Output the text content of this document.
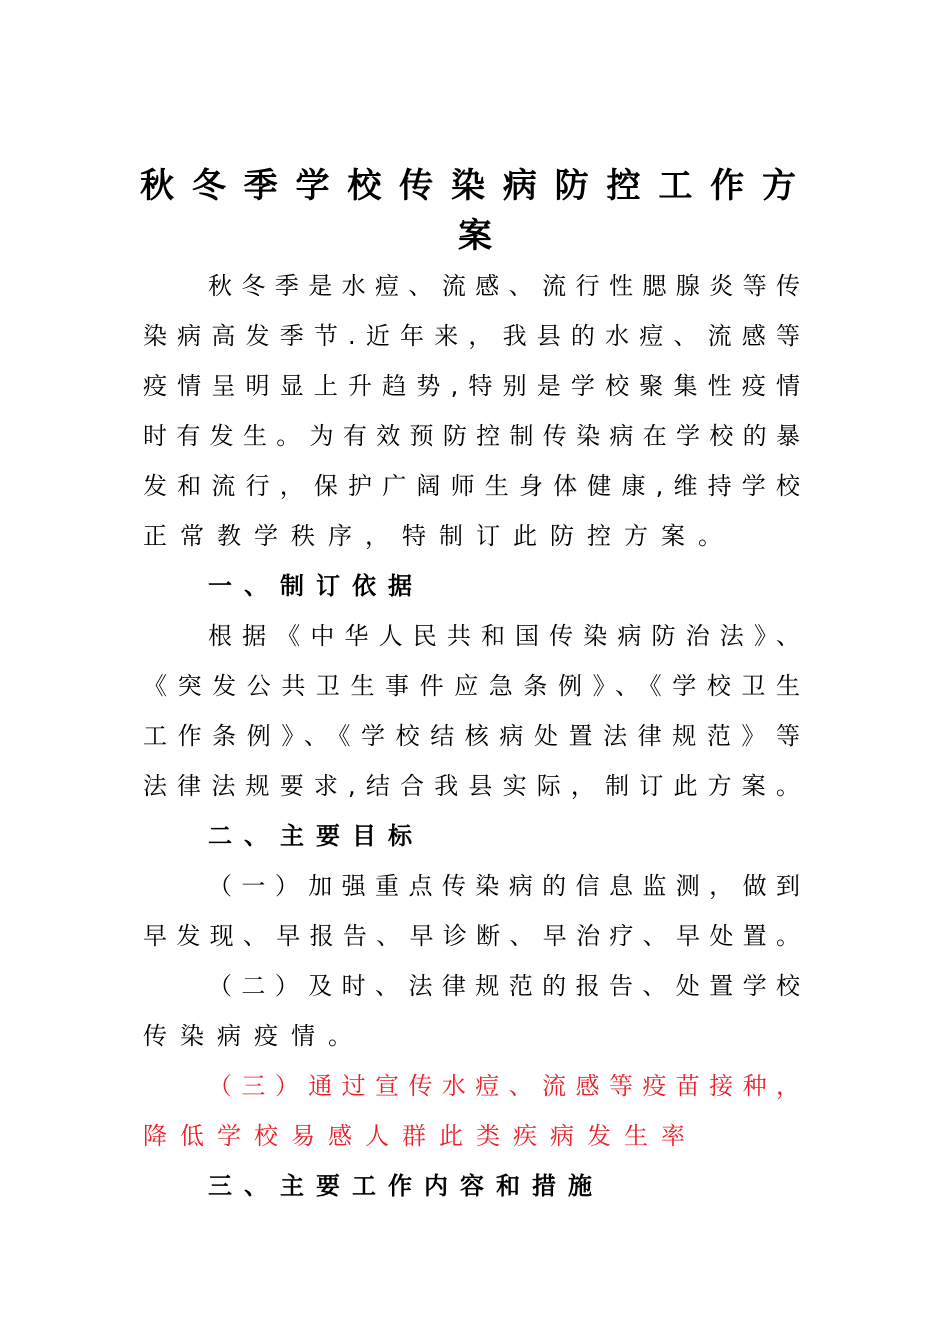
秋冬季学校传染病防控工作方
案

秋冬季是水痘、流感、流行性腮腺炎等传

染病高发季节.近年来，我县的水痘、流感等

疫情呈明显上升趋势,特别是学校聚集性疫情

时有发生。为有效预防控制传染病在学校的暴

发和流行，保护广阔师生身体健康,维持学校

正常教学秩序，特制订此防控方案。

一、制订依据

根据《中华人民共和国传染病防治法》、

《突发公共卫生事件应急条例》、《学校卫生

工作条例》、《学校结核病处置法律规范》等

法律法规要求,结合我县实际，制订此方案。

二、主要目标

（一）加强重点传染病的信息监测，做到

早发现、早报告、早诊断、早治疗、早处置。

（二）及时、法律规范的报告、处置学校

传染病疫情。

（三）通过宣传水痘、流感等疫苗接种，

降低学校易感人群此类疾病发生率

三、主要工作内容和措施
